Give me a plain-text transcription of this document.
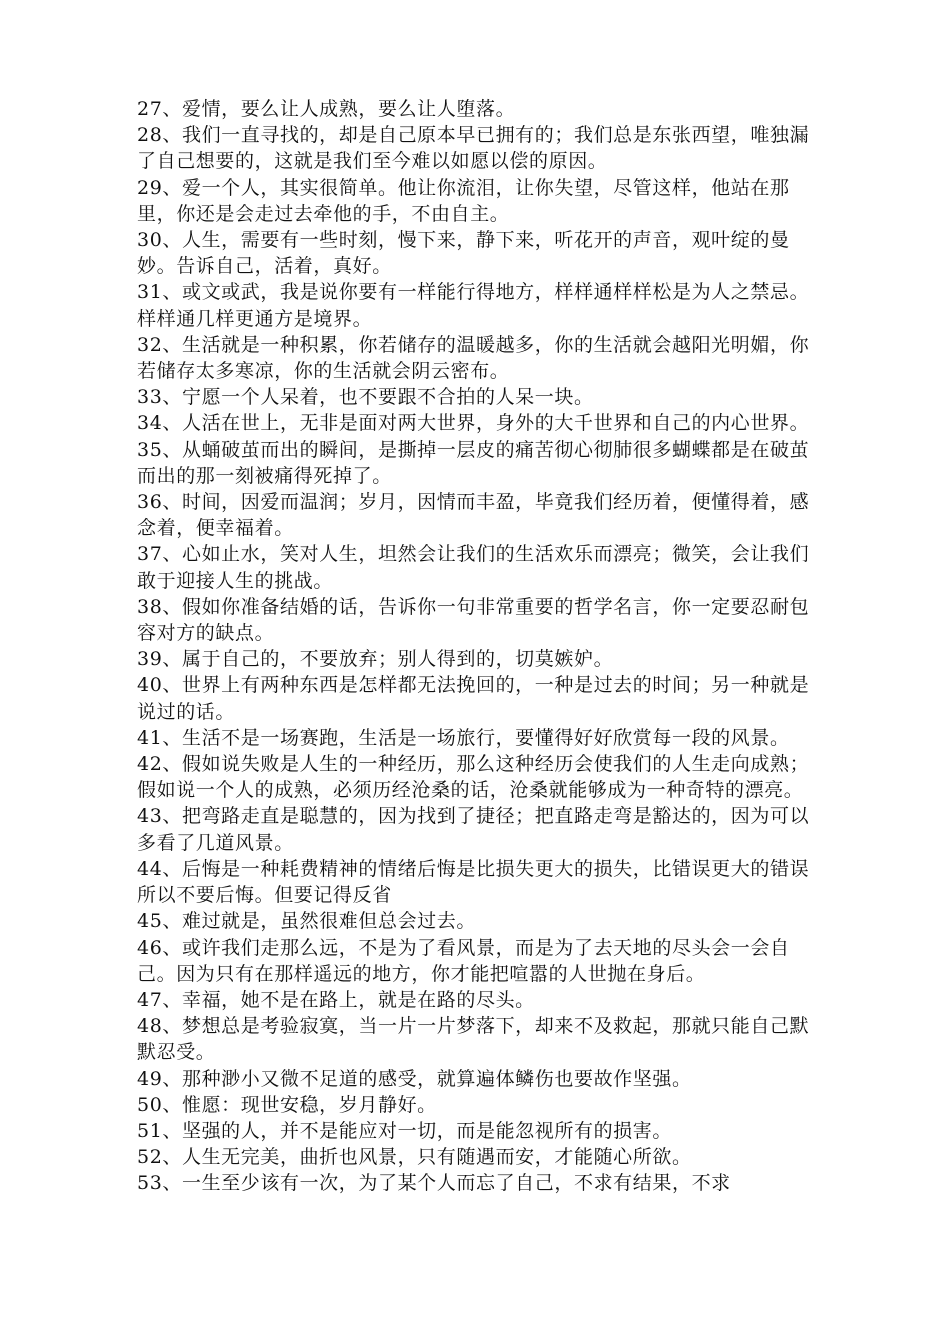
27、爱情，要么让人成熟，要么让人堕落。

28、我们一直寻找的，却是自己原本早已拥有的；我们总是东张西望，唯独漏了自己想要的，这就是我们至今难以如愿以偿的原因。

29、爱一个人，其实很简单。他让你流泪，让你失望，尽管这样，他站在那里，你还是会走过去牵他的手，不由自主。

30、人生，需要有一些时刻，慢下来，静下来，听花开的声音，观叶绽的曼妙。告诉自己，活着，真好。

31、或文或武，我是说你要有一样能行得地方，样样通样样松是为人之禁忌。样样通几样更通方是境界。

32、生活就是一种积累，你若储存的温暖越多，你的生活就会越阳光明媚，你若储存太多寒凉，你的生活就会阴云密布。

33、宁愿一个人呆着，也不要跟不合拍的人呆一块。

34、人活在世上，无非是面对两大世界，身外的大千世界和自己的内心世界。

35、从蛹破茧而出的瞬间，是撕掉一层皮的痛苦彻心彻肺很多蝴蝶都是在破茧而出的那一刻被痛得死掉了。

36、时间，因爱而温润；岁月，因情而丰盈，毕竟我们经历着，便懂得着，感念着，便幸福着。

37、心如止水，笑对人生，坦然会让我们的生活欢乐而漂亮；微笑，会让我们敢于迎接人生的挑战。

38、假如你准备结婚的话，告诉你一句非常重要的哲学名言，你一定要忍耐包容对方的缺点。

39、属于自己的，不要放弃；别人得到的，切莫嫉妒。

40、世界上有两种东西是怎样都无法挽回的，一种是过去的时间；另一种就是说过的话。

41、生活不是一场赛跑，生活是一场旅行，要懂得好好欣赏每一段的风景。

42、假如说失败是人生的一种经历，那么这种经历会使我们的人生走向成熟；假如说一个人的成熟，必须历经沧桑的话，沧桑就能够成为一种奇特的漂亮。

43、把弯路走直是聪慧的，因为找到了捷径；把直路走弯是豁达的，因为可以多看了几道风景。

44、后悔是一种耗费精神的情绪后悔是比损失更大的损失，比错误更大的错误所以不要后悔。但要记得反省

45、难过就是，虽然很难但总会过去。

46、或许我们走那么远，不是为了看风景，而是为了去天地的尽头会一会自己。因为只有在那样遥远的地方，你才能把喧嚣的人世抛在身后。

47、幸福，她不是在路上，就是在路的尽头。

48、梦想总是考验寂寞，当一片一片梦落下，却来不及救起，那就只能自己默默忍受。

49、那种渺小又微不足道的感受，就算遍体鳞伤也要故作坚强。

50、惟愿：现世安稳，岁月静好。

51、坚强的人，并不是能应对一切，而是能忽视所有的损害。

52、人生无完美，曲折也风景，只有随遇而安，才能随心所欲。

53、一生至少该有一次，为了某个人而忘了自己，不求有结果，不求
